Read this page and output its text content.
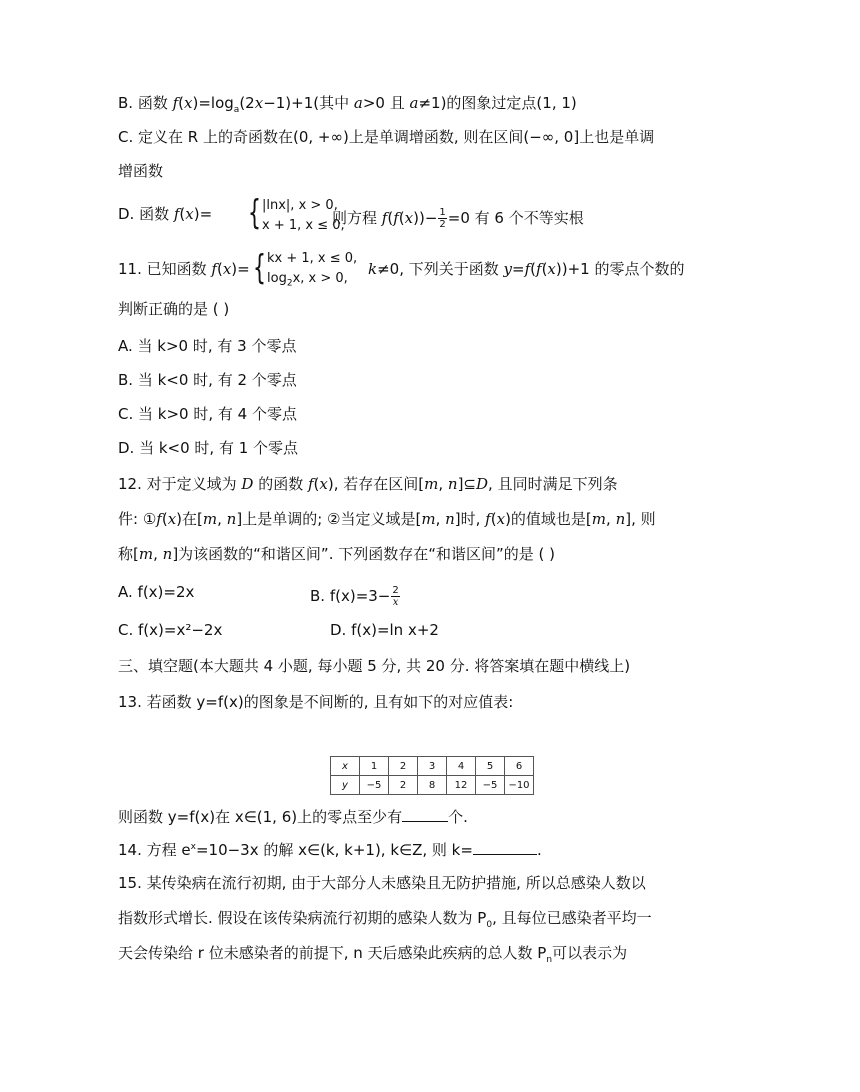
B. 函数 $f(x)=\log_a(2x-1)+1$(其中 a>0 且 a≠1)的图象过定点(1, 1)
C. 定义在 R 上的奇函数在(0, +∞)上是单调增函数, 则在区间(−∞, 0]上也是单调
增函数
D. 函数 f(x)= { |lnx|, x > 0,
x + 1, x ≤ 0,
则方程 $f(f(x))- \frac{1}{2} =0$ 有 6 个不等实根
11. 已知函数 f(x)= { kx + 1, x ≤ 0,
$\log_2x$, x > 0,
k≠0, 下列关于函数 y=f(f(x))+1 的零点个数的
判断正确的是 ( )
A. 当 k>0 时, 有 3 个零点
B. 当 k<0 时, 有 2 个零点
C. 当 k>0 时, 有 4 个零点
D. 当 k<0 时, 有 1 个零点
12. 对于定义域为 D 的函数 f(x), 若存在区间[m, n]⊆D, 且同时满足下列条
件: ①f(x)在[m, n]上是单调的; ②当定义域是[m, n]时, f(x)的值域也是[m, n], 则
称[m, n]为该函数的“和谐区间”. 下列函数存在“和谐区间”的是 ( )
A. f(x)=2x	B. $f(x)=3- \frac{2}{x}$
C. f(x)=x²−2x	D. f(x)=ln x+2
三、填空题(本大题共 4 小题, 每小题 5 分, 共 20 分. 将答案填在题中横线上)
13. 若函数 y=f(x)的图象是不间断的, 且有如下的对应值表:
x	1	2	3	4	5	6
y	−5	2	8	12	−5	−10
则函数 y=f(x)在 x∈(1, 6)上的零点至少有	个.
14. 方程 $e^x=10-3x$ 的解 x∈(k, k+1), k∈Z, 则 k=	.
15. 某传染病在流行初期, 由于大部分人未感染且无防护措施, 所以总感染人数以
指数形式增长. 假设在该传染病流行初期的感染人数为 $P_0$, 且每位已感染者平均一
天会传染给 r 位未感染者的前提下, n 天后感染此疾病的总人数 $P_n$可以表示为
